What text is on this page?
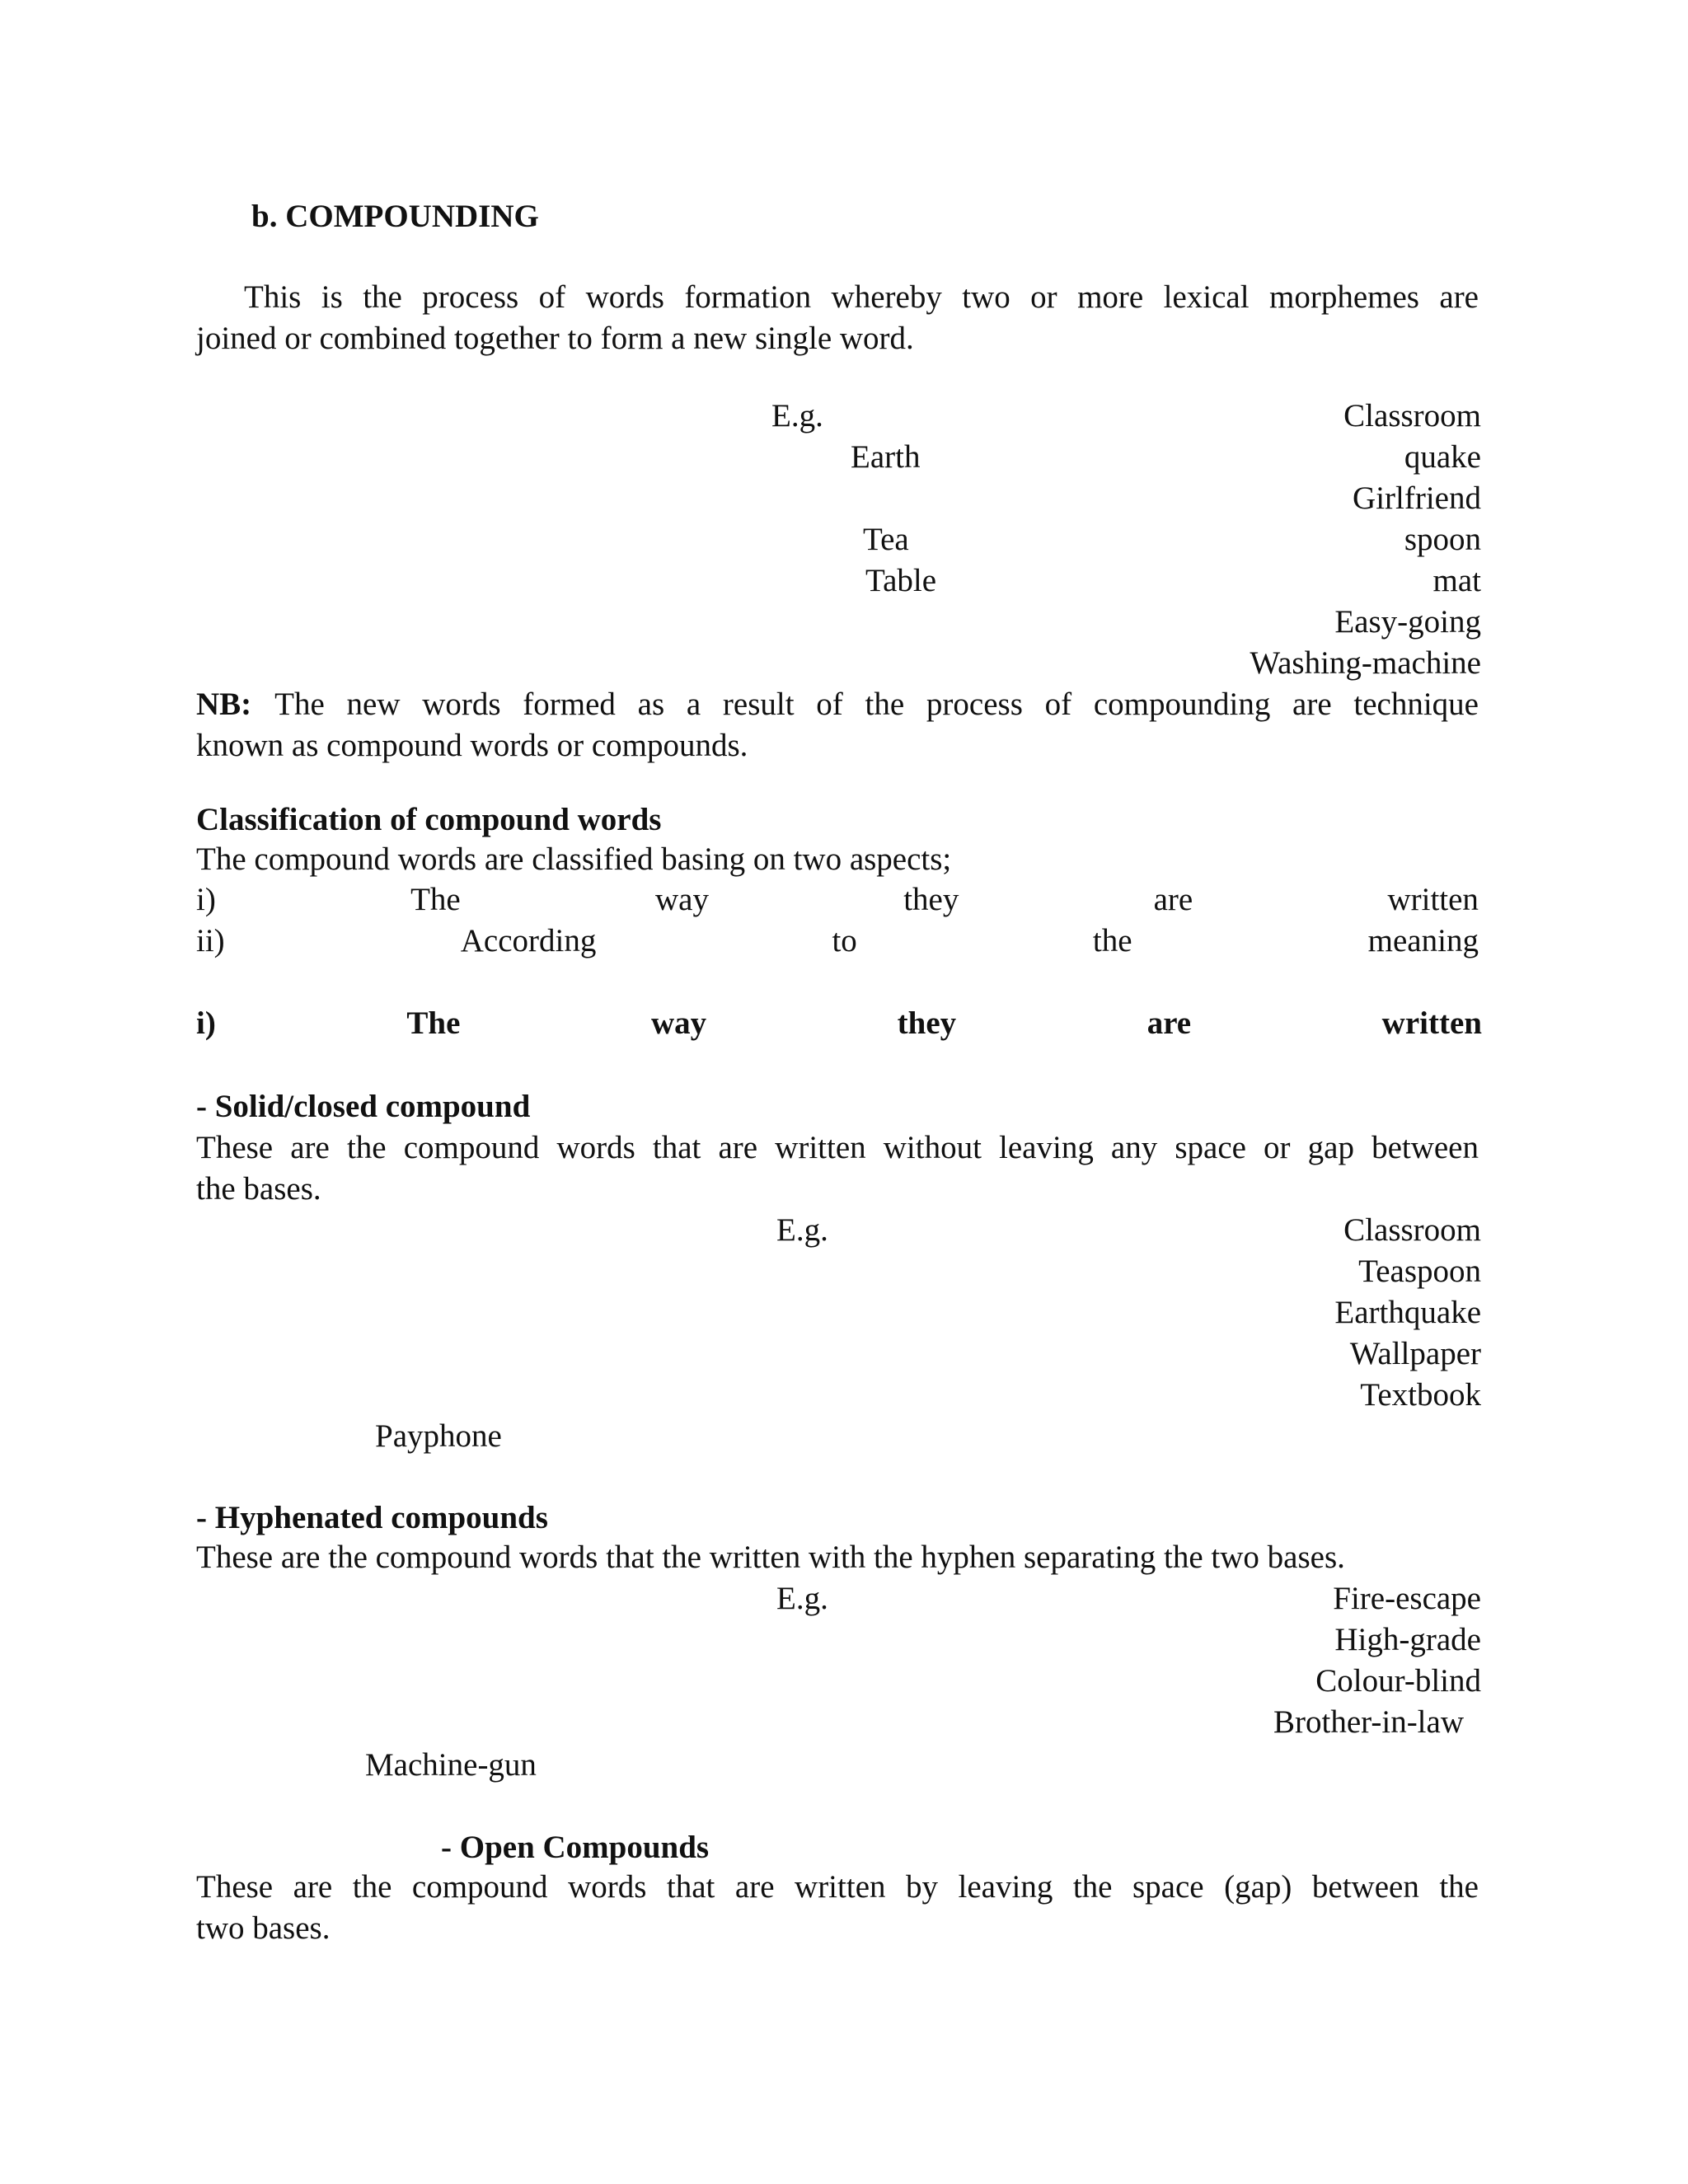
b. COMPOUNDING
This is the process of words formation whereby two or more lexical morphemes are
joined or combined together to form a new single word.
E.g.	Classroom
Earth	quake
Girlfriend
Tea	spoon
Table	mat
Easy-going
Washing-machine
NB: The new words formed as a result of the process of compounding are technique
known as compound words or compounds.
Classification of compound words
The compound words are classified basing on two aspects;
i)	The	way	they	are	written
ii)	According	to	the	meaning
i)	The	way	they	are	written
- Solid/closed compound
These are the compound words that are written without leaving any space or gap between
the bases.
E.g.	Classroom
Teaspoon
Earthquake
Wallpaper
Textbook
Payphone
- Hyphenated compounds
These are the compound words that the written with the hyphen separating the two bases.
E.g.	Fire-escape
High-grade
Colour-blind
Brother-in-law
Machine-gun
- Open Compounds
These are the compound words that are written by leaving the space (gap) between the
two bases.
